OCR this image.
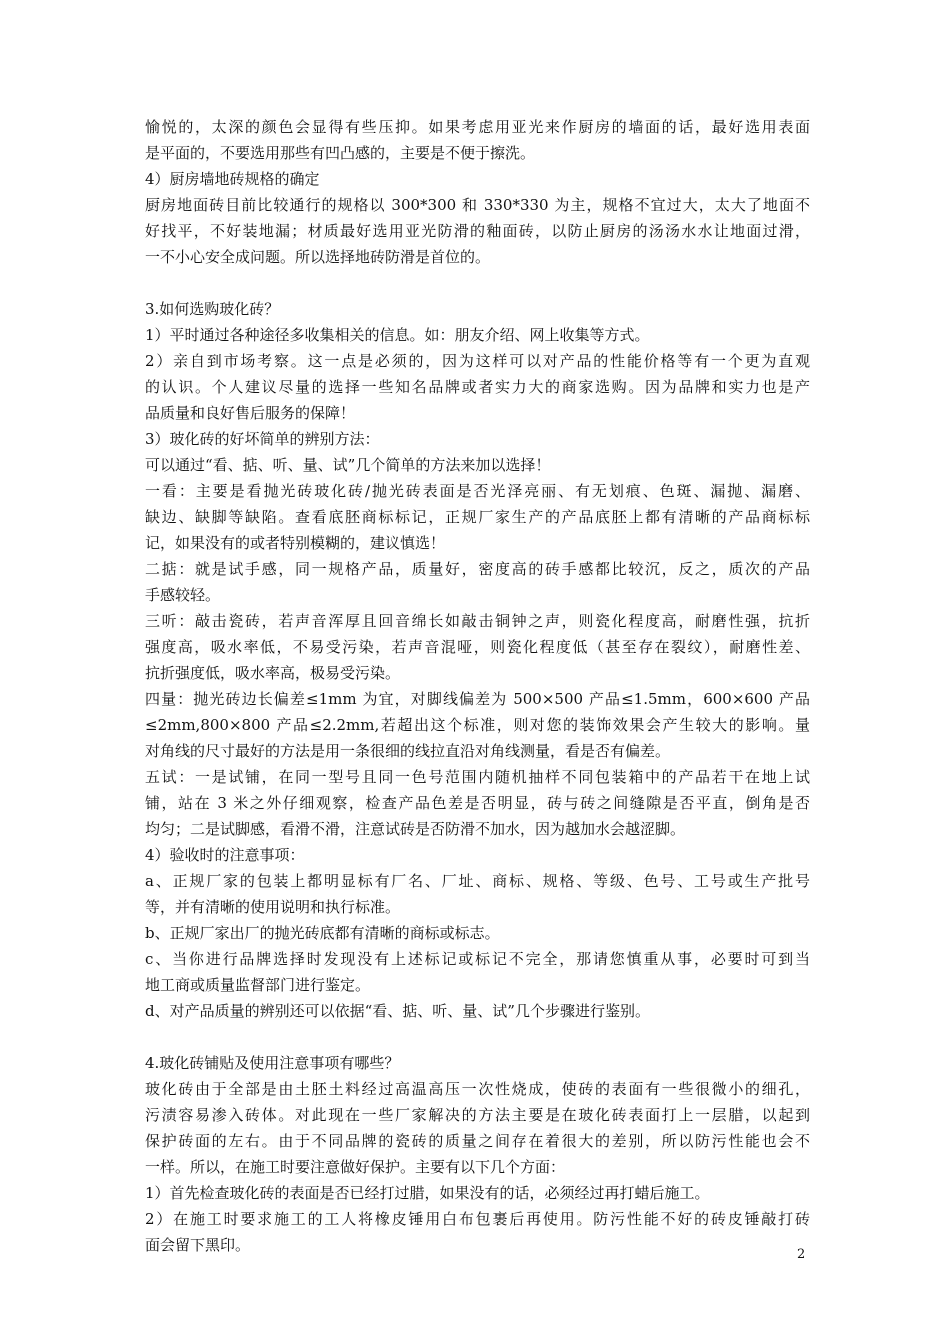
愉悦的，太深的颜色会显得有些压抑。如果考虑用亚光来作厨房的墙面的话，最好选用表面
是平面的，不要选用那些有凹凸感的，主要是不便于擦洗。
4）厨房墙地砖规格的确定
厨房地面砖目前比较通行的规格以 300*300 和 330*330 为主，规格不宜过大，太大了地面不
好找平，不好装地漏；材质最好选用亚光防滑的釉面砖，以防止厨房的汤汤水水让地面过滑，
一不小心安全成问题。所以选择地砖防滑是首位的。
3.如何选购玻化砖？
1）平时通过各种途径多收集相关的信息。如：朋友介绍、网上收集等方式。
2）亲自到市场考察。这一点是必须的，因为这样可以对产品的性能价格等有一个更为直观
的认识。个人建议尽量的选择一些知名品牌或者实力大的商家选购。因为品牌和实力也是产
品质量和良好售后服务的保障！
3）玻化砖的好坏简单的辨别方法：
可以通过“看、掂、听、量、试”几个简单的方法来加以选择！
一看：主要是看抛光砖玻化砖/抛光砖表面是否光泽亮丽、有无划痕、色斑、漏抛、漏磨、
缺边、缺脚等缺陷。查看底胚商标标记，正规厂家生产的产品底胚上都有清晰的产品商标标
记，如果没有的或者特别模糊的，建议慎选！
二掂：就是试手感，同一规格产品，质量好，密度高的砖手感都比较沉，反之，质次的产品
手感较轻。
三听：敲击瓷砖，若声音浑厚且回音绵长如敲击铜钟之声，则瓷化程度高，耐磨性强，抗折
强度高，吸水率低，不易受污染，若声音混哑，则瓷化程度低（甚至存在裂纹），耐磨性差、
抗折强度低，吸水率高，极易受污染。
四量：抛光砖边长偏差≤1mm 为宜，对脚线偏差为 500×500 产品≤1.5mm，600×600 产品
≤2mm,800×800 产品≤2.2mm,若超出这个标准，则对您的装饰效果会产生较大的影响。量
对角线的尺寸最好的方法是用一条很细的线拉直沿对角线测量，看是否有偏差。
五试：一是试铺，在同一型号且同一色号范围内随机抽样不同包装箱中的产品若干在地上试
铺，站在 3 米之外仔细观察，检查产品色差是否明显，砖与砖之间缝隙是否平直，倒角是否
均匀；二是试脚感，看滑不滑，注意试砖是否防滑不加水，因为越加水会越涩脚。
4）验收时的注意事项：
a、正规厂家的包装上都明显标有厂名、厂址、商标、规格、等级、色号、工号或生产批号
等，并有清晰的使用说明和执行标准。
b、正规厂家出厂的抛光砖底都有清晰的商标或标志。
c、当你进行品牌选择时发现没有上述标记或标记不完全，那请您慎重从事，必要时可到当
地工商或质量监督部门进行鉴定。
d、对产品质量的辨别还可以依据“看、掂、听、量、试”几个步骤进行鉴别。
4.玻化砖铺贴及使用注意事项有哪些？
玻化砖由于全部是由土胚土料经过高温高压一次性烧成，使砖的表面有一些很微小的细孔，
污渍容易渗入砖体。对此现在一些厂家解决的方法主要是在玻化砖表面打上一层腊，以起到
保护砖面的左右。由于不同品牌的瓷砖的质量之间存在着很大的差别，所以防污性能也会不
一样。所以，在施工时要注意做好保护。主要有以下几个方面：
1）首先检查玻化砖的表面是否已经打过腊，如果没有的话，必须经过再打蜡后施工。
2）在施工时要求施工的工人将橡皮锤用白布包裹后再使用。防污性能不好的砖皮锤敲打砖
面会留下黑印。
2
